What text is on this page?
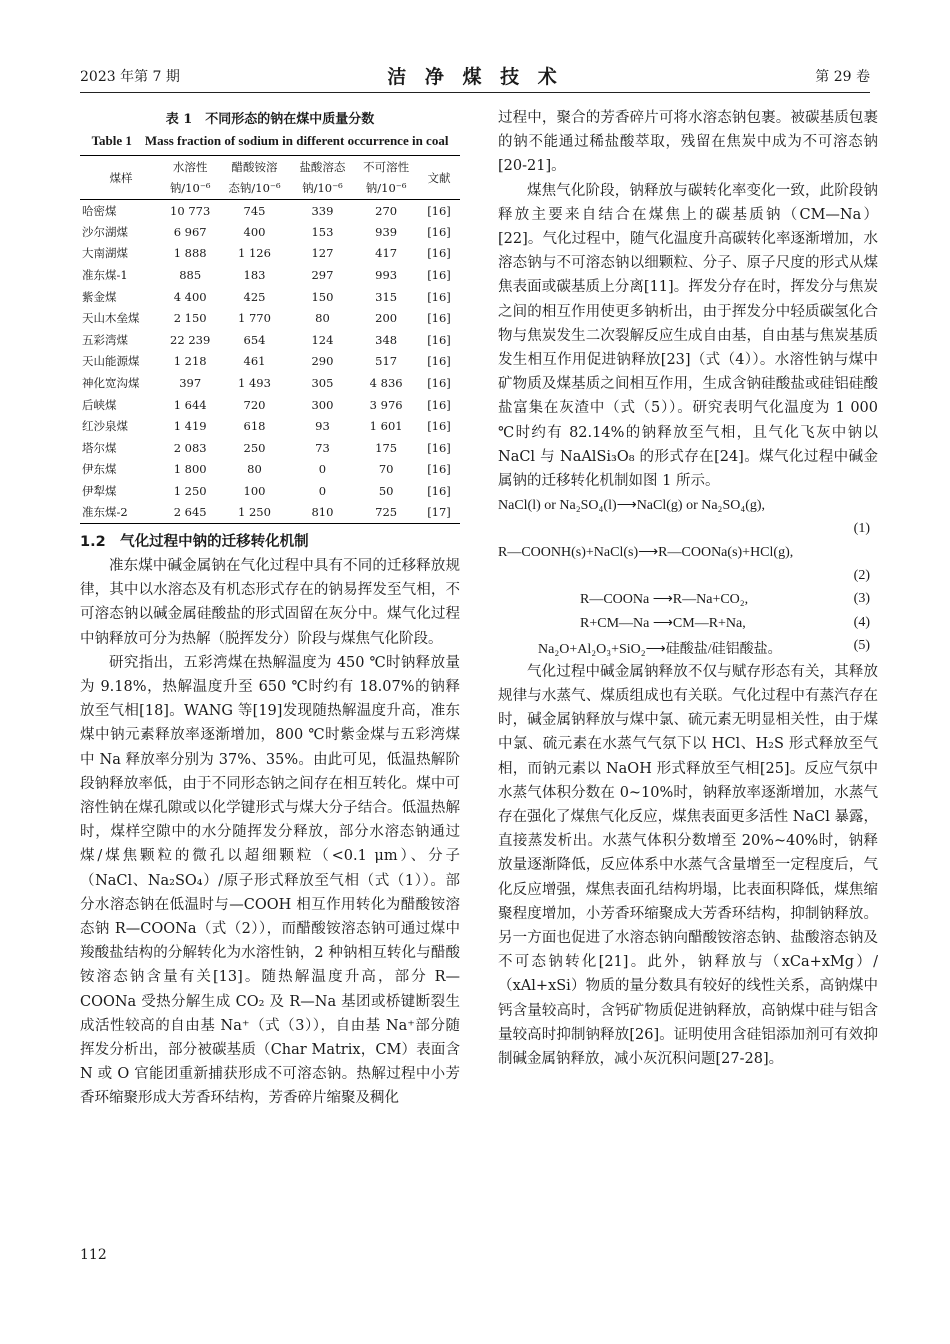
2023 年第 7 期	洁 净 煤 技 术	第 29 卷
表 1　不同形态的钠在煤中质量分数
Table 1　Mass fraction of sodium in different occurrence in coal
煤样	水溶性	醋酸铵溶	盐酸溶态	不可溶性	文献
	钠/10⁻⁶	态钠/10⁻⁶	钠/10⁻⁶	钠/10⁻⁶	
哈密煤	10 773	745	339	270	[16]
沙尔湖煤	6 967	400	153	939	[16]
大南湖煤	1 888	1 126	127	417	[16]
准东煤-1	885	183	297	993	[16]
紫金煤	4 400	425	150	315	[16]
天山木垒煤	2 150	1 770	80	200	[16]
五彩湾煤	22 239	654	124	348	[16]
天山能源煤	1 218	461	290	517	[16]
神化宽沟煤	397	1 493	305	4 836	[16]
后峡煤	1 644	720	300	3 976	[16]
红沙泉煤	1 419	618	93	1 601	[16]
塔尔煤	2 083	250	73	175	[16]
伊东煤	1 800	80	0	70	[16]
伊犁煤	1 250	100	0	50	[16]
准东煤-2	2 645	1 250	810	725	[17]
1.2　气化过程中钠的迁移转化机制

准东煤中碱金属钠在气化过程中具有不同的迁移释放规律，其中以水溶态及有机态形式存在的钠易挥发至气相，不可溶态钠以碱金属硅酸盐的形式固留在灰分中。煤气化过程中钠释放可分为热解（脱挥发分）阶段与煤焦气化阶段。

研究指出，五彩湾煤在热解温度为 450 ℃时钠释放量为 9.18%，热解温度升至 650 ℃时约有 18.07%的钠释放至气相[18]。WANG 等[19]发现随热解温度升高，准东煤中钠元素释放率逐渐增加，800 ℃时紫金煤与五彩湾煤中 Na 释放率分别为 37%、35%。由此可见，低温热解阶段钠释放率低，由于不同形态钠之间存在相互转化。煤中可溶性钠在煤孔隙或以化学键形式与煤大分子结合。低温热解时，煤样空隙中的水分随挥发分释放，部分水溶态钠通过煤/煤焦颗粒的微孔以超细颗粒（<0.1 μm）、分子（NaCl、Na₂SO₄）/原子形式释放至气相（式（1））。部分水溶态钠在低温时与—COOH 相互作用转化为醋酸铵溶态钠 R—COONa（式（2）），而醋酸铵溶态钠可通过煤中羧酸盐结构的分解转化为水溶性钠，2 种钠相互转化与醋酸铵溶态钠含量有关[13]。随热解温度升高，部分 R—COONa 受热分解生成 CO₂ 及 R—Na 基团或桥键断裂生成活性较高的自由基 Na⁺（式（3）），自由基 Na⁺部分随挥发分析出，部分被碳基质（Char Matrix，CM）表面含 N 或 O 官能团重新捕获形成不可溶态钠。热解过程中小芳香环缩聚形成大芳香环结构，芳香碎片缩聚及稠化

过程中，聚合的芳香碎片可将水溶态钠包裹。被碳基质包裹的钠不能通过稀盐酸萃取，残留在焦炭中成为不可溶态钠[20-21]。

煤焦气化阶段，钠释放与碳转化率变化一致，此阶段钠释放主要来自结合在煤焦上的碳基质钠（CM—Na）[22]。气化过程中，随气化温度升高碳转化率逐渐增加，水溶态钠与不可溶态钠以细颗粒、分子、原子尺度的形式从煤焦表面或碳基质上分离[11]。挥发分存在时，挥发分与焦炭之间的相互作用使更多钠析出，由于挥发分中轻质碳氢化合物与焦炭发生二次裂解反应生成自由基，自由基与焦炭基质发生相互作用促进钠释放[23]（式（4））。水溶性钠与煤中矿物质及煤基质之间相互作用，生成含钠硅酸盐或硅铝硅酸盐富集在灰渣中（式（5））。研究表明气化温度为 1 000 ℃时约有 82.14%的钠释放至气相，且气化飞灰中钠以 NaCl 与 NaAlSi₃O₈ 的形式存在[24]。煤气化过程中碱金属钠的迁移转化机制如图 1 所示。

NaCl(l) or Na₂SO₄(l)⟶NaCl(g) or Na₂SO₄(g),
(1)
R—COONH(s)+NaCl(s)⟶R—COONa(s)+HCl(g),
(2)
R—COONa ⟶R—Na+CO₂,	(3)
R+CM—Na ⟶CM—R+Na,	(4)
Na₂O+Al₂O₃+SiO₂⟶硅酸盐/硅铝酸盐。	(5)

气化过程中碱金属钠释放不仅与赋存形态有关，其释放规律与水蒸气、煤质组成也有关联。气化过程中有蒸汽存在时，碱金属钠释放与煤中氯、硫元素无明显相关性，由于煤中氯、硫元素在水蒸气气氛下以 HCl、H₂S 形式释放至气相，而钠元素以 NaOH 形式释放至气相[25]。反应气氛中水蒸气体积分数在 0~10%时，钠释放率逐渐增加，水蒸气存在强化了煤焦气化反应，煤焦表面更多活性 NaCl 暴露，直接蒸发析出。水蒸气体积分数增至 20%~40%时，钠释放量逐渐降低，反应体系中水蒸气含量增至一定程度后，气化反应增强，煤焦表面孔结构坍塌，比表面积降低，煤焦缩聚程度增加，小芳香环缩聚成大芳香环结构，抑制钠释放。另一方面也促进了水溶态钠向醋酸铵溶态钠、盐酸溶态钠及不可态钠转化[21]。此外，钠释放与（xCa+xMg）/（xAl+xSi）物质的量分数具有较好的线性关系，高钠煤中钙含量较高时，含钙矿物质促进钠释放，高钠煤中硅与铝含量较高时抑制钠释放[26]。证明使用含硅铝添加剂可有效抑制碱金属钠释放，减小灰沉积问题[27-28]。

112
